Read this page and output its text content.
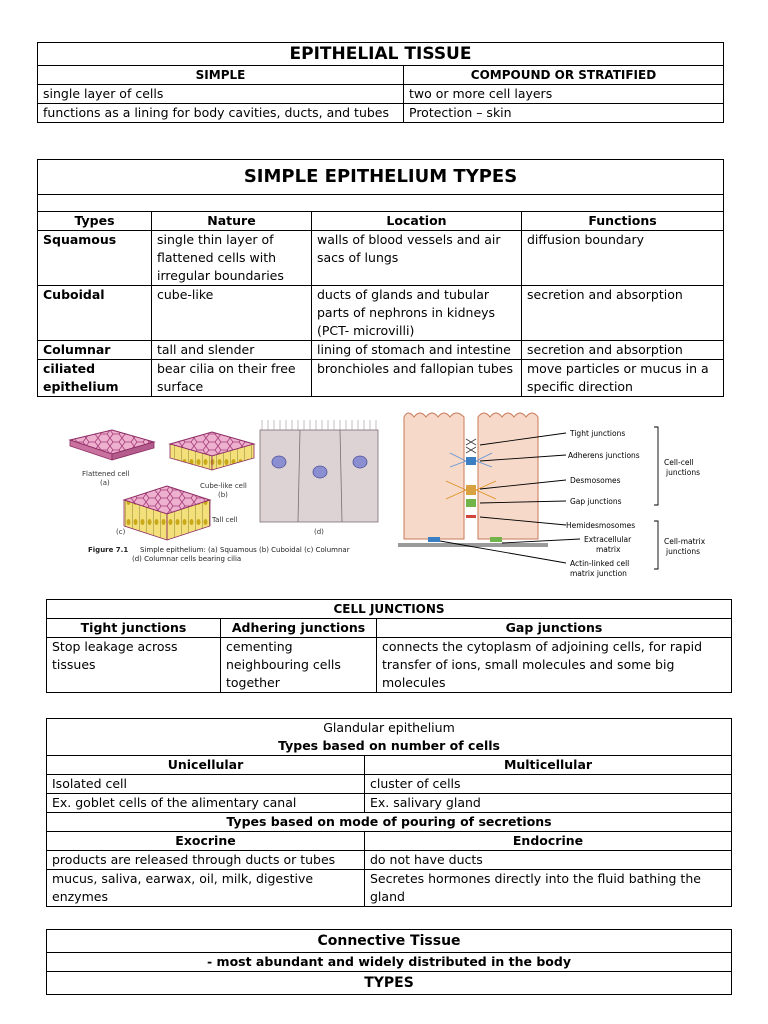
EPITHELIAL TISSUE	
SIMPLE	COMPOUND OR STRATIFIED
single layer of cells	two or more cell layers
functions as a lining for body cavities, ducts, and tubes	Protection – skin
SIMPLE EPITHELIUM TYPES			

Types	Nature	Location	Functions
Squamous	single thin layer of flattened cells with irregular boundaries	walls of blood vessels and air sacs of lungs	diffusion boundary
Cuboidal	cube-like	ducts of glands and tubular parts of nephrons in kidneys (PCT- microvilli)	secretion and absorption
Columnar	tall and slender	lining of stomach and intestine	secretion and absorption
ciliated epithelium	bear cilia on their free surface	bronchioles and fallopian tubes	move particles or mucus in a specific direction
Flattened cell
(a)	Cube-like cell
(b)
Tall cell
(c)	(d)
Figure 7.1 Simple epithelium: (a) Squamous (b) Cuboidal (c) Columnar
(d) Columnar cells bearing cilia
Tight junctions
Adherens junctions
Desmosomes
Gap junctions
Hemidesmosomes
Extracellular
matrix
Actin-linked cell
matrix junction
Cell-cell
junctions
Cell-matrix
junctions
CELL JUNCTIONS		
Tight junctions	Adhering junctions	Gap junctions
Stop leakage across tissues	cementing neighbouring cells together	connects the cytoplasm of adjoining cells, for rapid transfer of ions, small molecules and some big molecules
Glandular epithelium	
Types based on number of cells	
Unicellular	Multicellular
Isolated cell	cluster of cells
Ex. goblet cells of the alimentary canal	Ex. salivary gland
Types based on mode of pouring of secretions	
Exocrine	Endocrine
products are released through ducts or tubes	do not have ducts
mucus, saliva, earwax, oil, milk, digestive enzymes	Secretes hormones directly into the fluid bathing the gland
Connective Tissue
- most abundant and widely distributed in the body
TYPES
